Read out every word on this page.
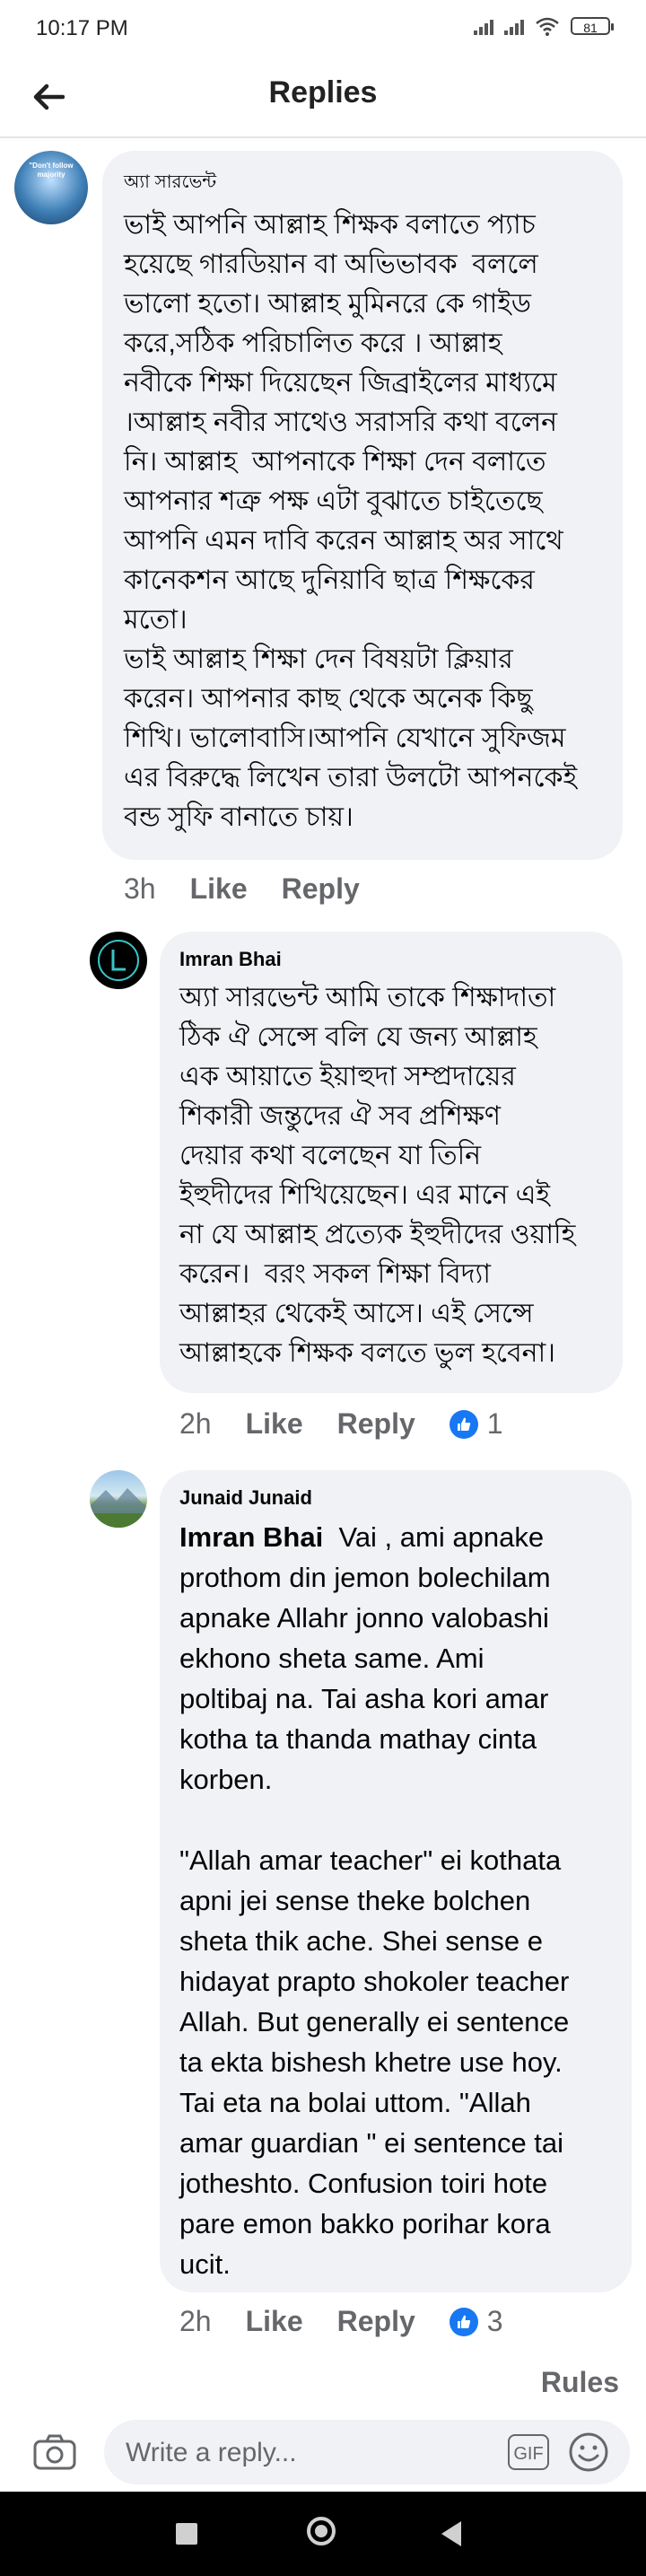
10:17 PM	81
Replies
"Don't follow majority	অ্যা সারভেন্ট
ভাই আপনি আল্লাহ শিক্ষক বলাতে প্যাচ
হয়েছে গারডিয়ান বা অভিভাবক  বললে
ভালো হতো। আল্লাহ মুমিনরে কে গাইড
করে,সঠিক পরিচালিত করে । আল্লাহ
নবীকে শিক্ষা দিয়েছেন জিব্রাইলের মাধ্যমে
।আল্লাহ নবীর সাথেও সরাসরি কথা বলেন
নি। আল্লাহ  আপনাকে শিক্ষা দেন বলাতে
আপনার শত্রু পক্ষ এটা বুঝাতে চাইতেছে
আপনি এমন দাবি করেন আল্লাহ অর সাথে
কানেকশন আছে দুনিয়াবি ছাত্র শিক্ষকের
মতো।
ভাই আল্লাহ শিক্ষা দেন বিষয়টা ক্লিয়ার
করেন। আপনার কাছ থেকে অনেক কিছু
শিখি। ভালোবাসি।আপনি যেখানে সুফিজম
এর বিরুদ্ধে লিখেন তারা উলটো আপনকেই
বন্ড সুফি বানাতে চায়।
3h Like Reply
Imran Bhai
অ্যা সারভেন্ট আমি তাকে শিক্ষাদাতা
ঠিক ঐ সেন্সে বলি যে জন্য আল্লাহ
এক আয়াতে ইয়াহুদা সম্প্রদায়ের
শিকারী জন্তুদের ঐ সব প্রশিক্ষণ
দেয়ার কথা বলেছেন যা তিনি
ইহুদীদের শিখিয়েছেন। এর মানে এই
না যে আল্লাহ প্রত্যেক ইহুদীদের ওয়াহি
করেন।  বরং সকল শিক্ষা বিদ্যা
আল্লাহর থেকেই আসে। এই সেন্সে
আল্লাহকে শিক্ষক বলতে ভুল হবেনা।
2h Like Reply	1
Junaid Junaid
Imran Bhai  Vai , ami apnake
prothom din jemon bolechilam
apnake Allahr jonno valobashi
ekhono sheta same. Ami
poltibaj na. Tai asha kori amar
kotha ta thanda mathay cinta
korben.

"Allah amar teacher" ei kothata
apni jei sense theke bolchen
sheta thik ache. Shei sense e
hidayat prapto shokoler teacher
Allah. But generally ei sentence
ta ekta bishesh khetre use hoy.
Tai eta na bolai uttom. "Allah
amar guardian " ei sentence tai
jotheshto. Confusion toiri hote
pare emon bakko porihar kora
ucit.
2h Like Reply	3
Rules
Write a reply...
GIF
